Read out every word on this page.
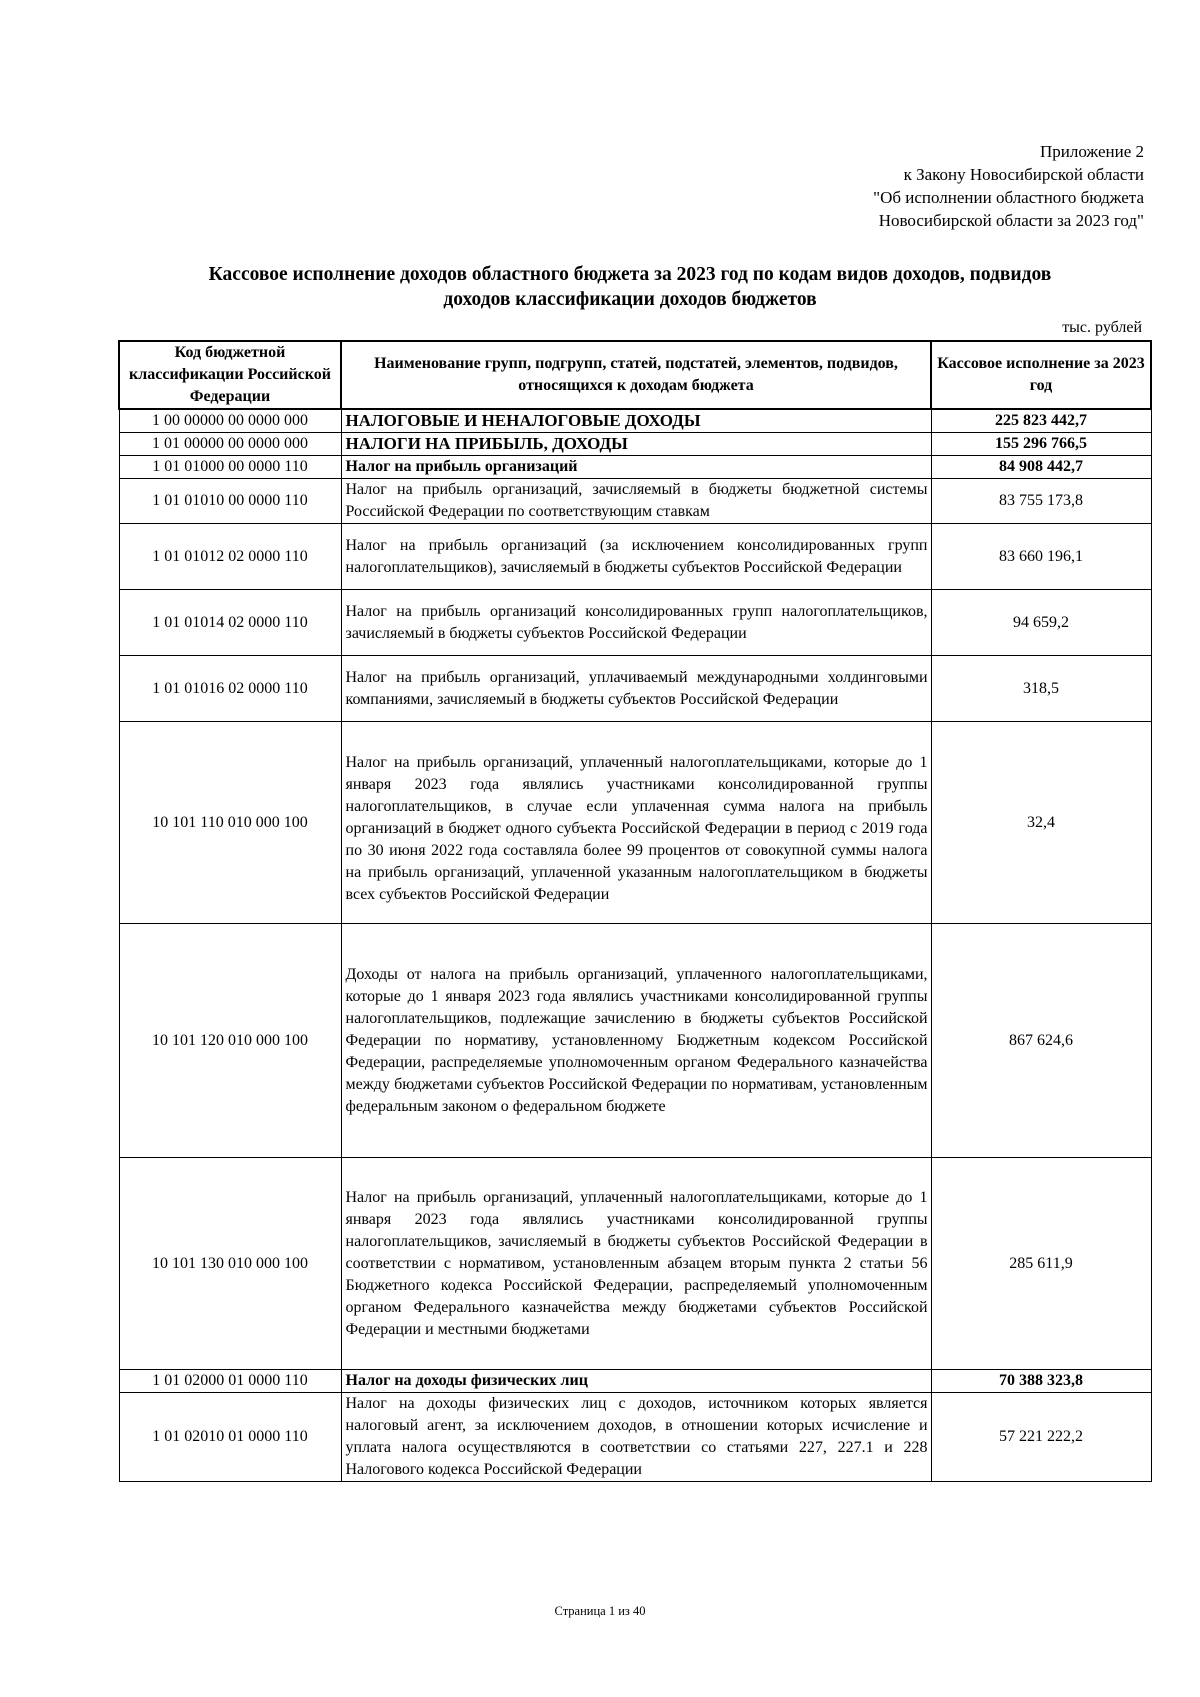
Приложение 2
к Закону Новосибирской области
"Об исполнении областного бюджета
Новосибирской области за 2023 год"
Кассовое исполнение доходов областного бюджета за 2023 год по кодам видов доходов, подвидов
доходов классификации доходов бюджетов
тыс. рублей
Код бюджетной классификации Российской Федерации	Наименование групп, подгрупп, статей, подстатей, элементов, подвидов, относящихся к доходам бюджета	Кассовое исполнение за 2023 год
1 00 00000 00 0000 000	НАЛОГОВЫЕ И НЕНАЛОГОВЫЕ ДОХОДЫ	225 823 442,7
1 01 00000 00 0000 000	НАЛОГИ НА ПРИБЫЛЬ, ДОХОДЫ	155 296 766,5
1 01 01000 00 0000 110	Налог на прибыль организаций	84 908 442,7
1 01 01010 00 0000 110	Налог на прибыль организаций, зачисляемый в бюджеты бюджетной системы Российской Федерации по соответствующим ставкам	83 755 173,8
1 01 01012 02 0000 110	Налог на прибыль организаций (за исключением консолидированных групп налогоплательщиков), зачисляемый в бюджеты субъектов Российской Федерации	83 660 196,1
1 01 01014 02 0000 110	Налог на прибыль организаций консолидированных групп налогоплательщиков, зачисляемый в бюджеты субъектов Российской Федерации	94 659,2
1 01 01016 02 0000 110	Налог на прибыль организаций, уплачиваемый международными холдинговыми компаниями, зачисляемый в бюджеты субъектов Российской Федерации	318,5
10 101 110 010 000 100	Налог на прибыль организаций, уплаченный налогоплательщиками, которые до 1 января 2023 года являлись участниками консолидированной группы налогоплательщиков, в случае если уплаченная сумма налога на прибыль организаций в бюджет одного субъекта Российской Федерации в период с 2019 года по 30 июня 2022 года составляла более 99 процентов от совокупной суммы налога на прибыль организаций, уплаченной указанным налогоплательщиком в бюджеты всех субъектов Российской Федерации	32,4
10 101 120 010 000 100	Доходы от налога на прибыль организаций, уплаченного налогоплательщиками, которые до 1 января 2023 года являлись участниками консолидированной группы налогоплательщиков, подлежащие зачислению в бюджеты субъектов Российской Федерации по нормативу, установленному Бюджетным кодексом Российской Федерации, распределяемые уполномоченным органом Федерального казначейства между бюджетами субъектов Российской Федерации по нормативам, установленным федеральным законом о федеральном бюджете	867 624,6
10 101 130 010 000 100	Налог на прибыль организаций, уплаченный налогоплательщиками, которые до 1 января 2023 года являлись участниками консолидированной группы налогоплательщиков, зачисляемый в бюджеты субъектов Российской Федерации в соответствии с нормативом, установленным абзацем вторым пункта 2 статьи 56 Бюджетного кодекса Российской Федерации, распределяемый уполномоченным органом Федерального казначейства между бюджетами субъектов Российской Федерации и местными бюджетами	285 611,9
1 01 02000 01 0000 110	Налог на доходы физических лиц	70 388 323,8
1 01 02010 01 0000 110	Налог на доходы физических лиц с доходов, источником которых является налоговый агент, за исключением доходов, в отношении которых исчисление и уплата налога осуществляются в соответствии со статьями 227, 227.1 и 228 Налогового кодекса Российской Федерации	57 221 222,2
Страница 1 из 40
